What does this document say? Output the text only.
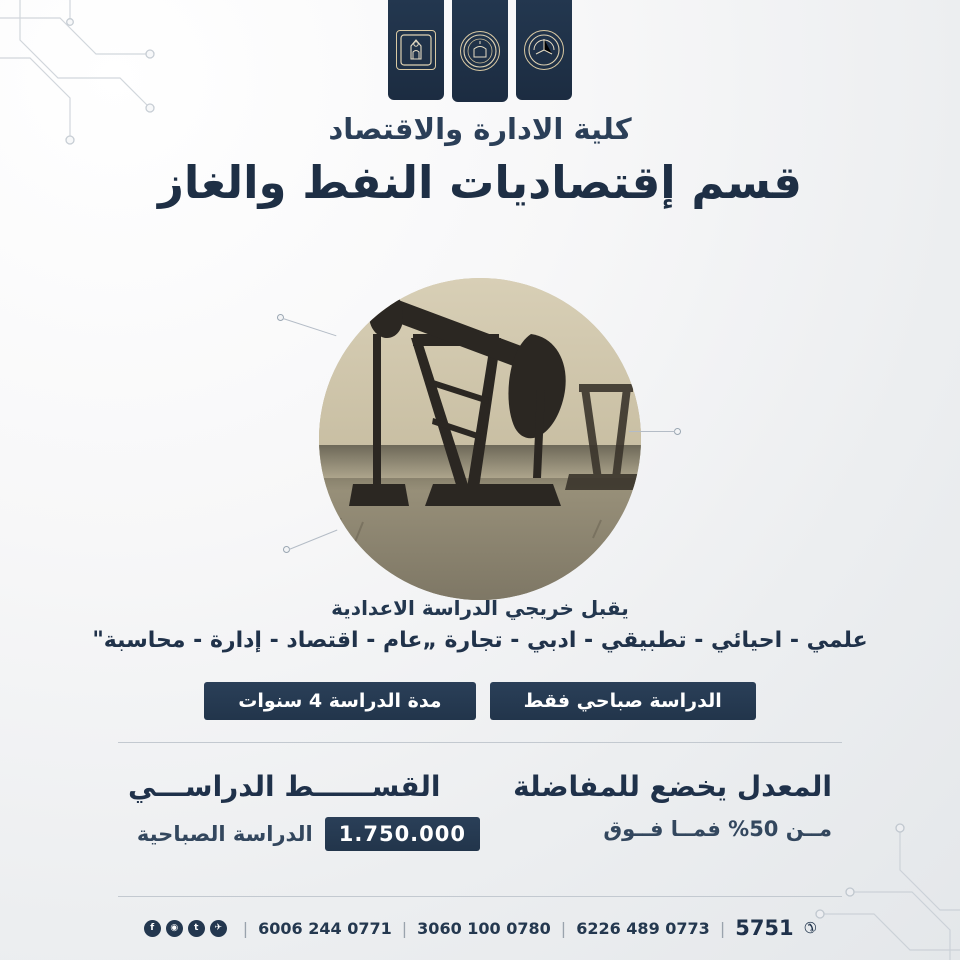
كلية الادارة والاقتصاد
قسم إقتصاديات النفط والغاز
يقبل خريجي الدراسة الاعدادية
علمي - احيائي - تطبيقي - ادبي - تجارة „عام - اقتصاد - إدارة - محاسبة"
الدراسة صباحي فقط
مدة الدراسة 4 سنوات
المعدل يخضع للمفاضلة
مــن 50% فمــا فــوق
القســــــط الدراســـي
1.750.000
الدراسة الصباحية
✆
5751
|
0773 489 6226
|
0780 100 3060
|
0771 244 6006
|
f	◉	t	✈
